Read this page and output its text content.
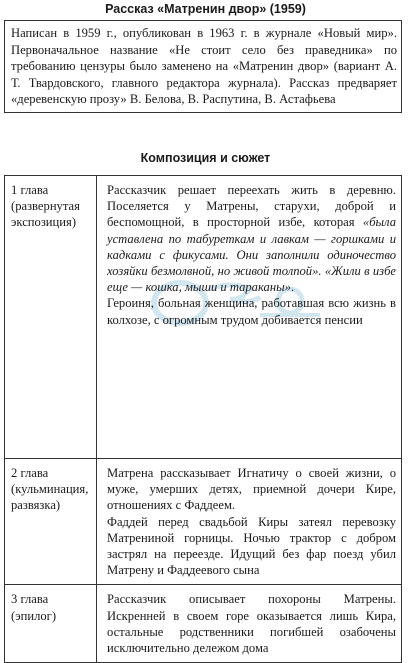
Рассказ «Матренин двор» (1959)
Написан в 1959 г., опубликован в 1963 г. в журнале «Новый мир». Первоначальное название «Не стоит село без праведника» по требованию цензуры было заменено на «Матренин двор» (вариант А. Т. Твардовского, главного редактора журнала). Рассказ предваряет «деревенскую прозу» В. Белова, В. Распутина, В. Астафьева
Композиция и сюжет
1 глава (развернутая экспозиция)	Рассказчик решает переехать жить в деревню. Поселяется у Матрены, старухи, доброй и беспомощной, в просторной избе, которая «была уставлена по табуреткам и лавкам — горшками и кадками с фикусами. Они заполнили одиночество хозяйки безмолвной, но живой толпой». «Жили в избе еще — кошка, мыши и тараканы».

Героиня, больная женщина, работавшая всю жизнь в колхозе, с огромным трудом добивается пенсии

2 глава (кульминация, развязка)	Матрена рассказывает Игнатичу о своей жизни, о муже, умерших детях, приемной дочери Кире, отношениях с Фаддеем.

Фаддей перед свадьбой Киры затеял перевозку Матрениной горницы. Ночью трактор с добром застрял на переезде. Идущий без фар поезд убил Матрену и Фаддеевого сына

3 глава (эпилог)	Рассказчик описывает похороны Матрены. Искренней в своем горе оказывается лишь Кира, остальные родственники погибшей озабочены исключительно дележом дома
